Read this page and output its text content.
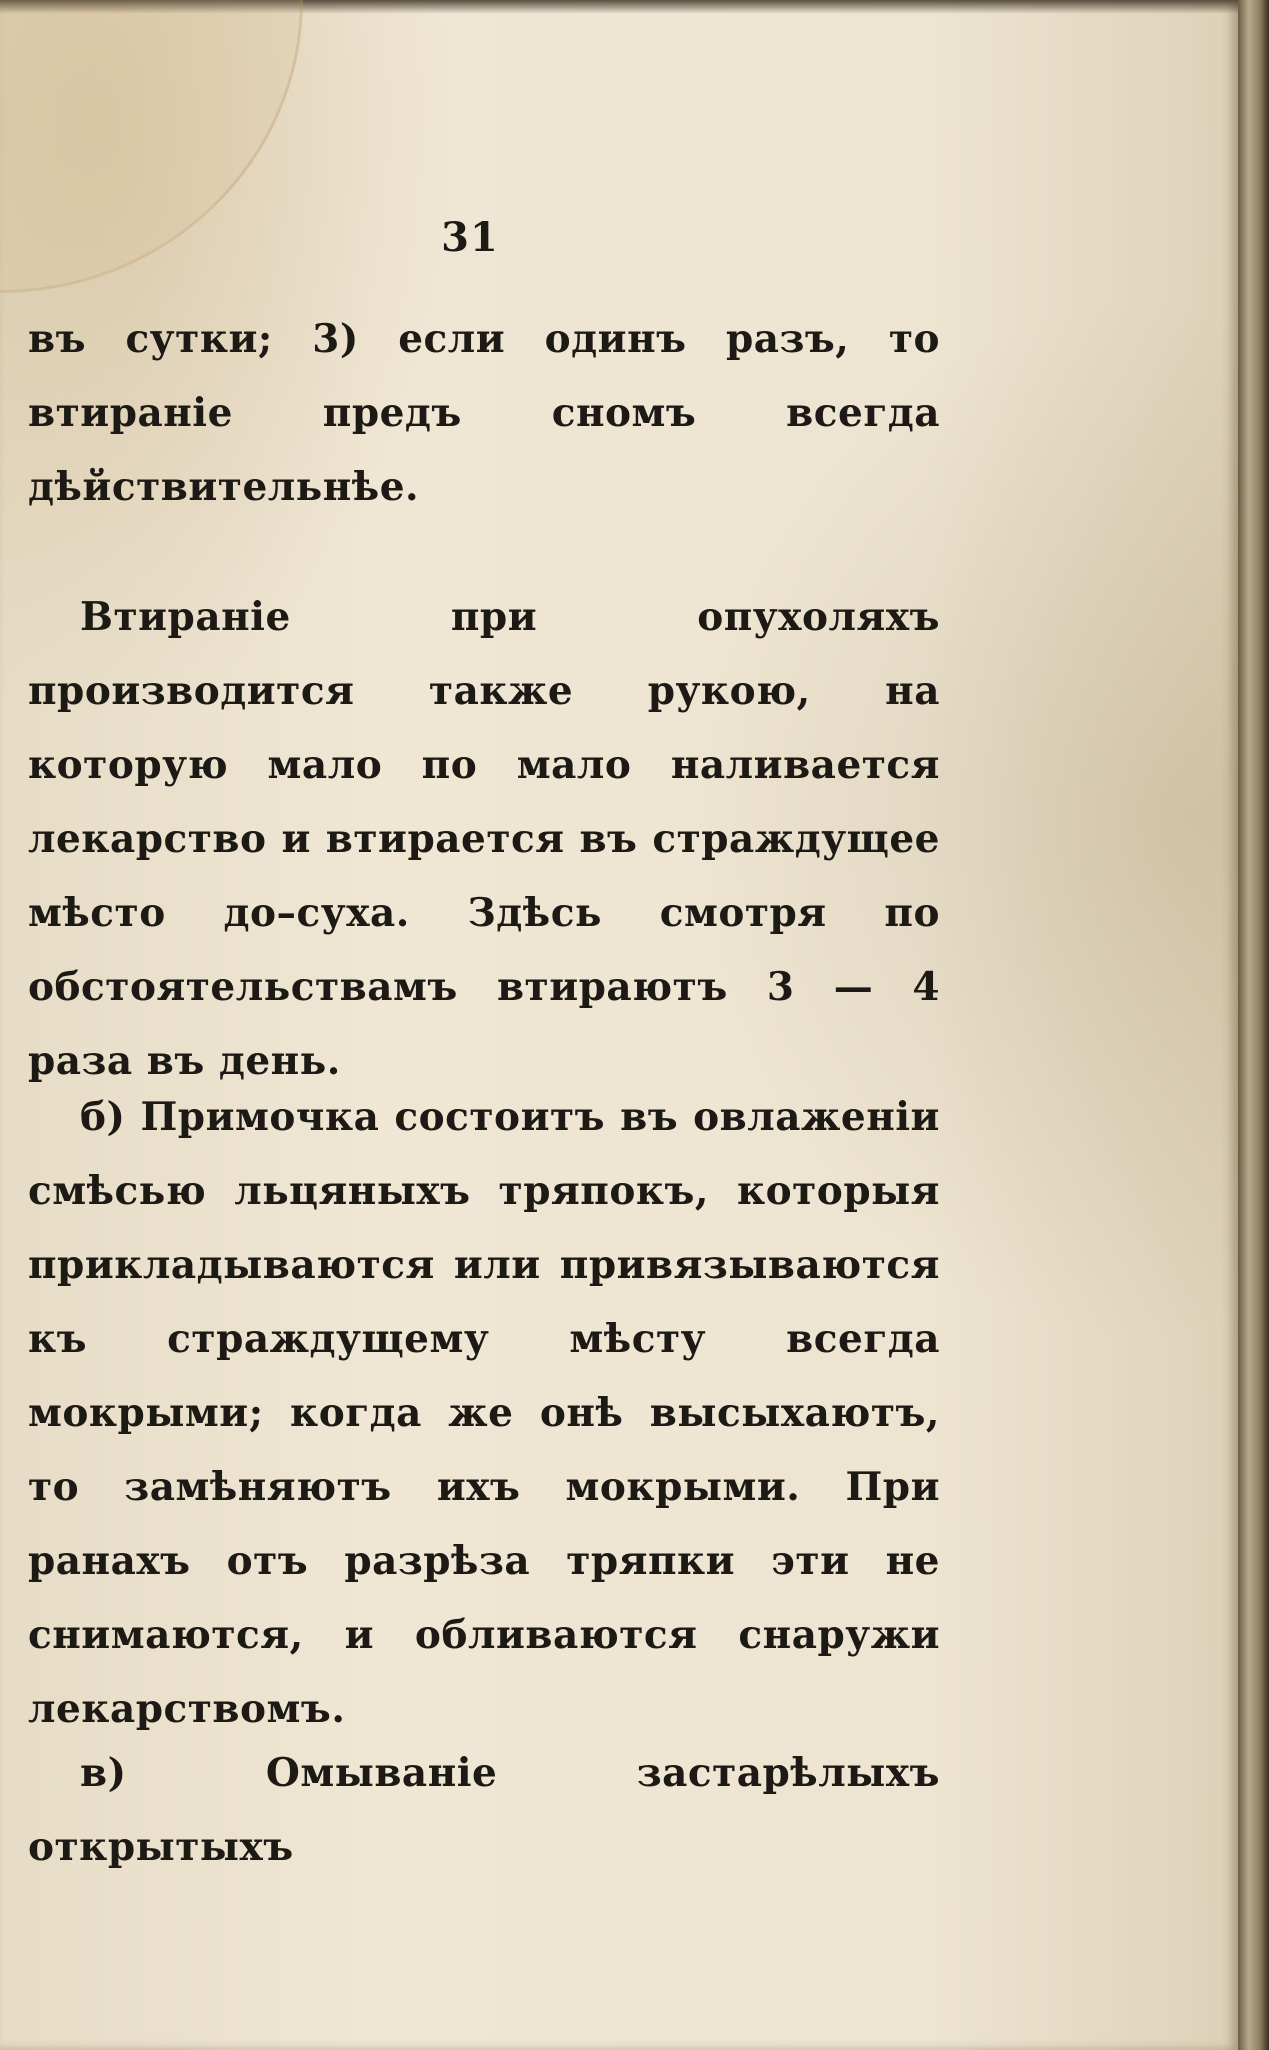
31

въ сутки; 3) если одинъ разъ, то втираніе предъ сномъ всегда дѣйствительнѣе.

Втираніе при опухоляхъ производится также рукою, на которую мало по мало наливается лекарство и втирается въ страждущее мѣсто до–суха. Здѣсь смотря по обстоятельствамъ втираютъ 3 — 4 раза въ день.

б) Примочка состоитъ въ овлаженіи смѣсью льцяныхъ тряпокъ, которыя прикладываются или привязываются къ страждущему мѣсту всегда мокрыми; когда же онѣ высыхаютъ, то замѣняютъ ихъ мокрыми. При ранахъ отъ разрѣза тряпки эти не снимаются, и обливаются снаружи лекарствомъ.

в) Омываніе застарѣлыхъ открытыхъ
